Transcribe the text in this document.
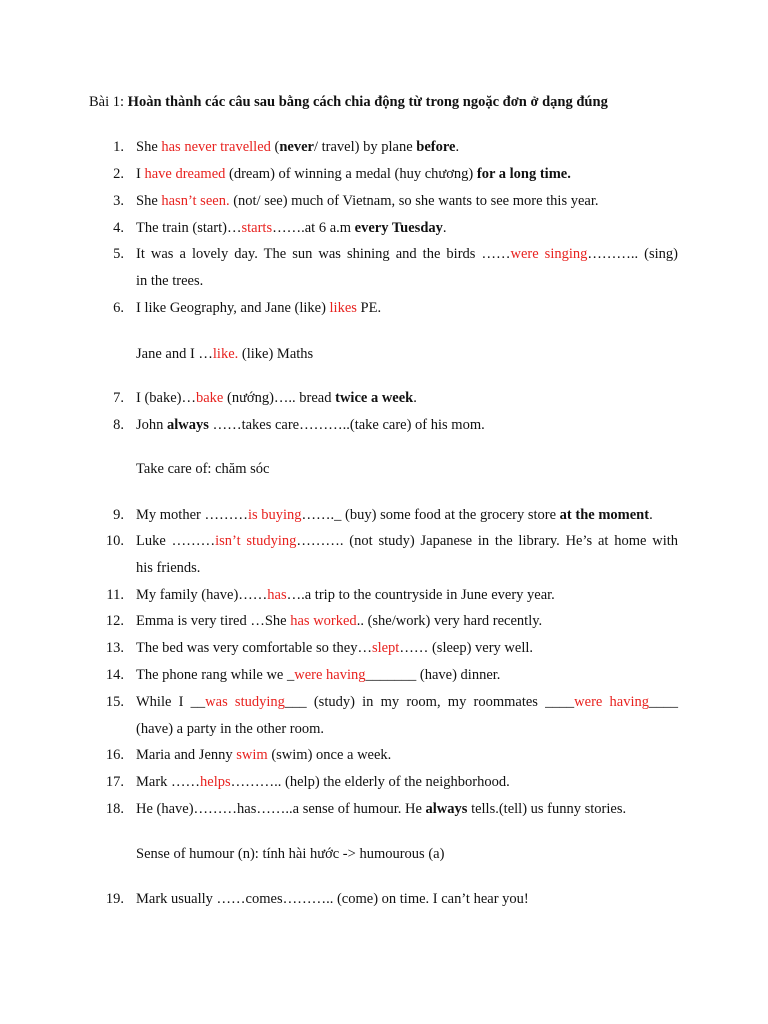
Bài 1: Hoàn thành các câu sau bằng cách chia động từ trong ngoặc đơn ở dạng đúng
1. She has never travelled (never/ travel) by plane before.
2. I have dreamed (dream) of winning a medal (huy chương) for a long time.
3. She hasn’t seen. (not/ see) much of Vietnam, so she wants to see more this year.
4. The train (start)…starts…….at 6 a.m every Tuesday.
5. It was a lovely day. The sun was shining and the birds ……were singing……….. (sing)
in the trees.
6. I like Geography, and Jane (like) likes PE.
Jane and I …like. (like) Maths
7. I (bake)…bake (nướng)….. bread twice a week.
8. John always ……takes care………..(take care) of his mom.
Take care of: chăm sóc
9. My mother ………is buying……._ (buy) some food at the grocery store at the moment.
10. Luke ………isn’t studying………. (not study) Japanese in the library. He’s at home with
his friends.
11. My family (have)……has….a trip to the countryside in June every year.
12. Emma is very tired …She has worked.. (she/work) very hard recently.
13. The bed was very comfortable so they…slept…… (sleep) very well.
14. The phone rang while we _were having_______ (have) dinner.
15. While I __was studying___ (study) in my room, my roommates ____were having____
(have) a party in the other room.
16. Maria and Jenny swim (swim) once a week.
17. Mark ……helps……….. (help) the elderly of the neighborhood.
18. He (have)………has……..a sense of humour. He always tells.(tell) us funny stories.
Sense of humour (n): tính hài hước -> humourous (a)
19. Mark usually ……comes……….. (come) on time. I can’t hear you!
